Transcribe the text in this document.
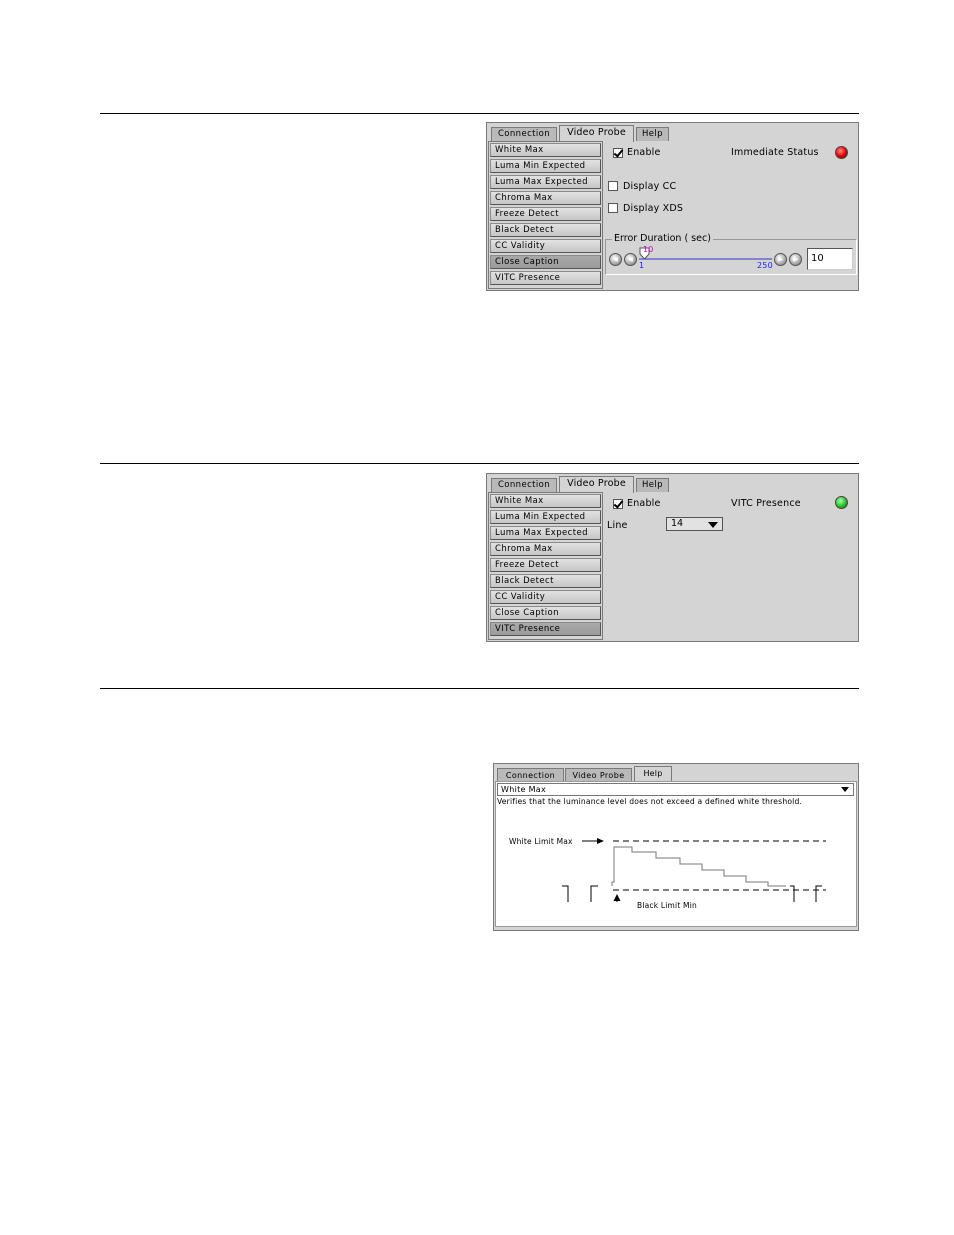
Connection	Video Probe	Help
White Max
Luma Min Expected
Luma Max Expected
Chroma Max
Freeze Detect
Black Detect
CC Validity
Close Caption
VITC Presence
Enable	Immediate Status
Display CC
Display XDS
Error Duration ( sec)
◀	◀
10
1	250
▶	▶	10
Connection	Video Probe	Help
White Max
Luma Min Expected
Luma Max Expected
Chroma Max
Freeze Detect
Black Detect
CC Validity
Close Caption
VITC Presence
Enable	VITC Presence
Line	14
Connection	Video Probe	Help
White Max
Verifies that the luminance level does not exceed a defined white threshold.
White Limit Max
Black Limit Min
